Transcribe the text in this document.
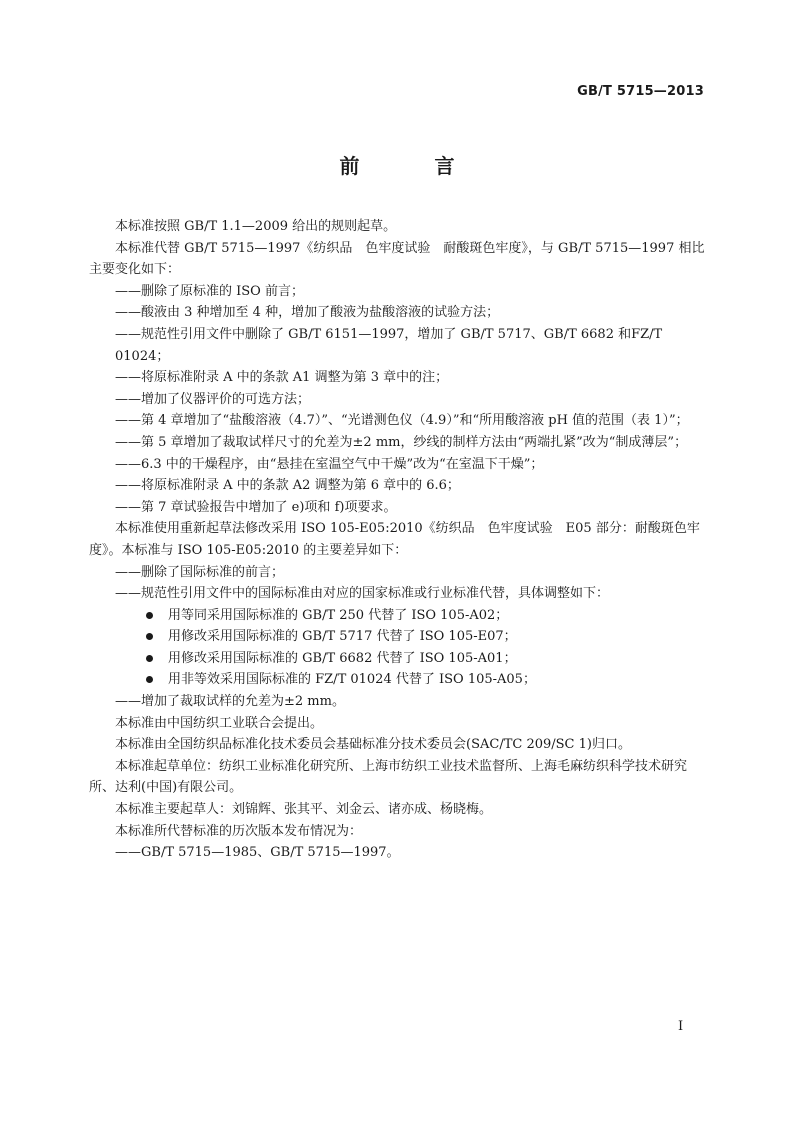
GB/T 5715—2013
前 言

本标准按照 GB/T 1.1—2009 给出的规则起草。

本标准代替 GB/T 5715—1997《纺织品　色牢度试验　耐酸斑色牢度》，与 GB/T 5715—1997 相比主要变化如下：

——删除了原标准的 ISO 前言；

——酸液由 3 种增加至 4 种，增加了酸液为盐酸溶液的试验方法；

——规范性引用文件中删除了 GB/T 6151—1997，增加了 GB/T 5717、GB/T 6682 和FZ/T 01024；

——将原标准附录 A 中的条款 A1 调整为第 3 章中的注；

——增加了仪器评价的可选方法；

——第 4 章增加了“盐酸溶液（4.7）”、“光谱测色仪（4.9）”和“所用酸溶液 pH 值的范围（表 1）”；

——第 5 章增加了裁取试样尺寸的允差为±2 mm，纱线的制样方法由“两端扎紧”改为“制成薄层”；

——6.3 中的干燥程序，由“悬挂在室温空气中干燥”改为“在室温下干燥”；

——将原标准附录 A 中的条款 A2 调整为第 6 章中的 6.6；

——第 7 章试验报告中增加了 e)项和 f)项要求。

本标准使用重新起草法修改采用 ISO 105-E05:2010《纺织品　色牢度试验　E05 部分：耐酸斑色牢度》。本标准与 ISO 105-E05:2010 的主要差异如下：

——删除了国际标准的前言；

——规范性引用文件中的国际标准由对应的国家标准或行业标准代替，具体调整如下：

用等同采用国际标准的 GB/T 250 代替了 ISO 105-A02；

用修改采用国际标准的 GB/T 5717 代替了 ISO 105-E07；

用修改采用国际标准的 GB/T 6682 代替了 ISO 105-A01；

用非等效采用国际标准的 FZ/T 01024 代替了 ISO 105-A05；

——增加了裁取试样的允差为±2 mm。

本标准由中国纺织工业联合会提出。

本标准由全国纺织品标准化技术委员会基础标准分技术委员会(SAC/TC 209/SC 1)归口。

本标准起草单位：纺织工业标准化研究所、上海市纺织工业技术监督所、上海毛麻纺织科学技术研究所、达利(中国)有限公司。

本标准主要起草人：刘锦辉、张其平、刘金云、诸亦成、杨晓梅。

本标准所代替标准的历次版本发布情况为：

——GB/T 5715—1985、GB/T 5715—1997。

I
